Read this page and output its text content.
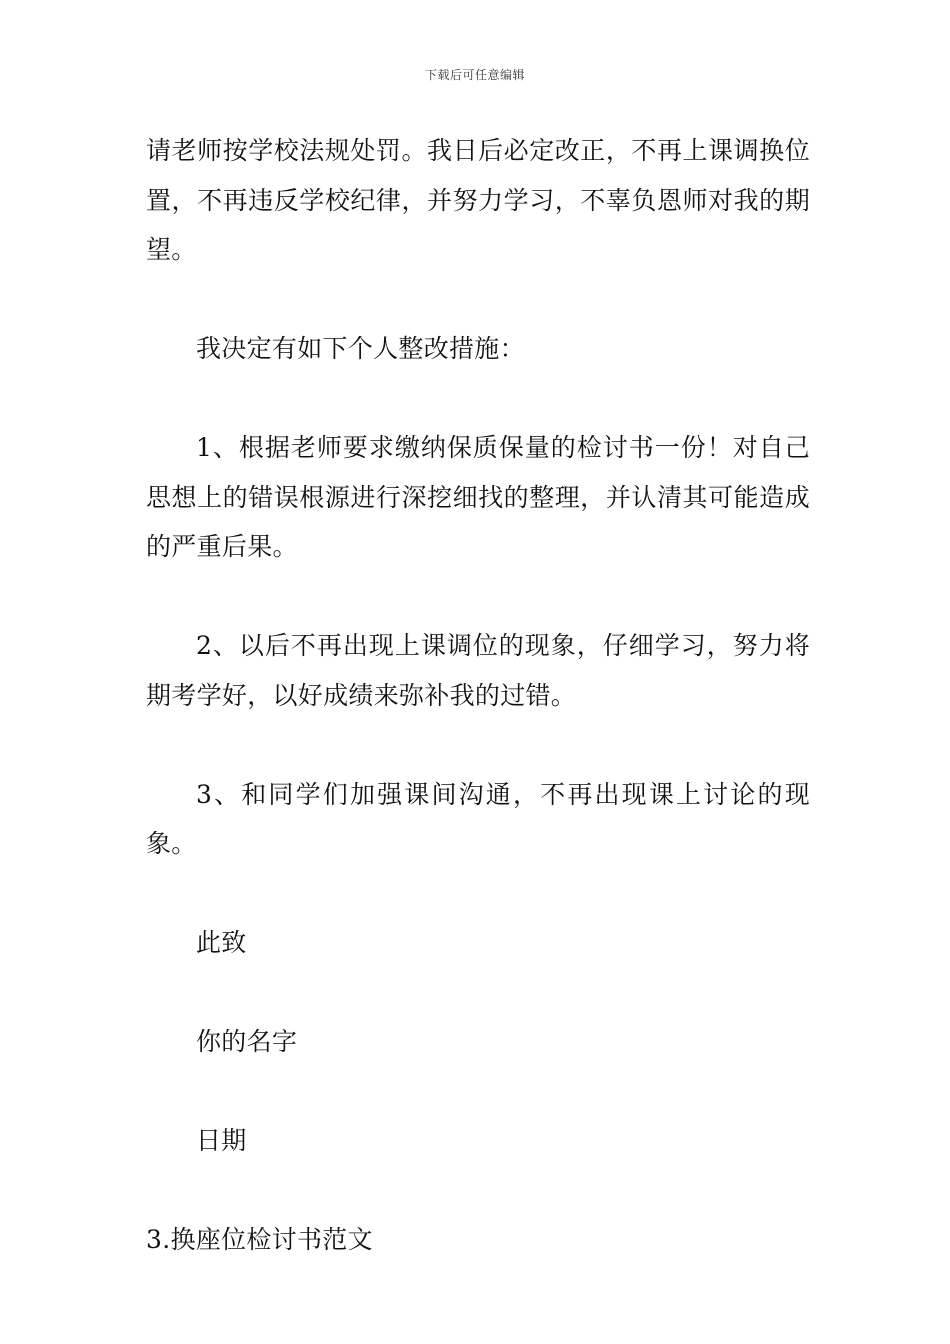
下载后可任意编辑

请老师按学校法规处罚。我日后必定改正，不再上课调换位置，不再违反学校纪律，并努力学习，不辜负恩师对我的期望。

我决定有如下个人整改措施：

1、根据老师要求缴纳保质保量的检讨书一份！对自己思想上的错误根源进行深挖细找的整理，并认清其可能造成的严重后果。

2、以后不再出现上课调位的现象，仔细学习，努力将期考学好，以好成绩来弥补我的过错。

3、和同学们加强课间沟通，不再出现课上讨论的现象。

此致

你的名字

日期

3.换座位检讨书范文
